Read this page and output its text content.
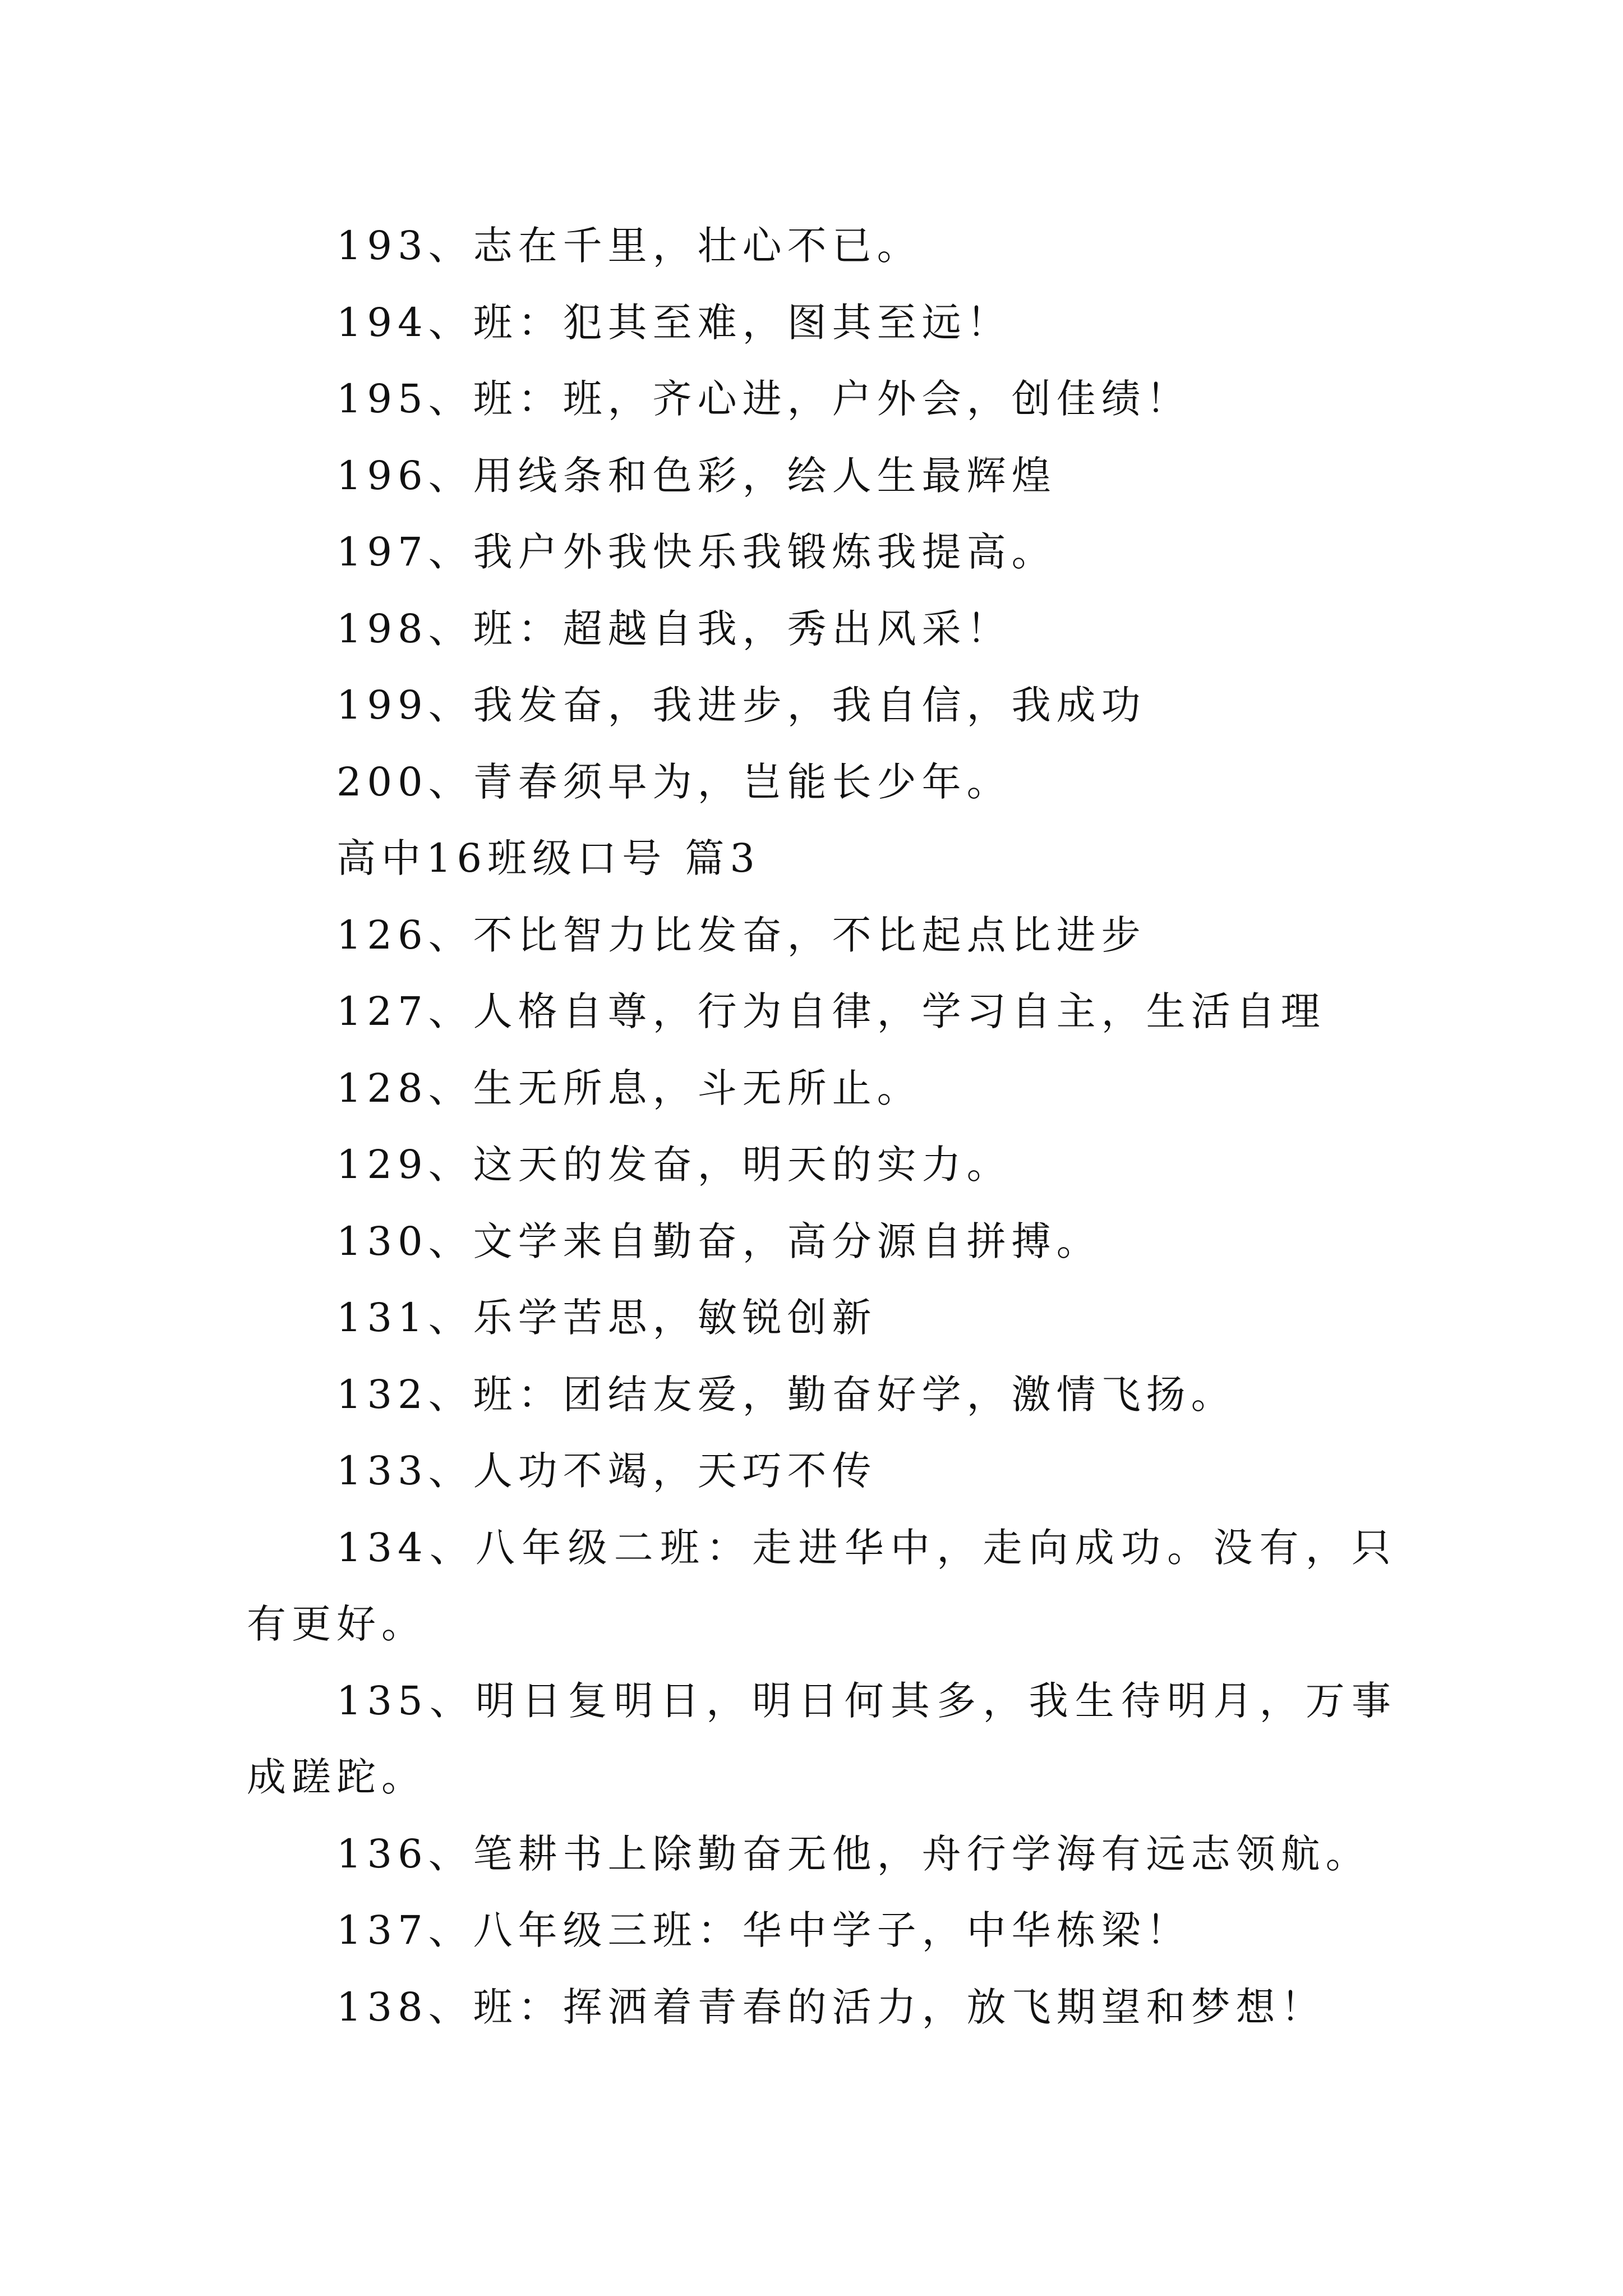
193、志在千里，壮心不已。

194、班：犯其至难，图其至远！

195、班：班，齐心进，户外会，创佳绩！

196、用线条和色彩，绘人生最辉煌

197、我户外我快乐我锻炼我提高。

198、班：超越自我，秀出风采！

199、我发奋，我进步，我自信，我成功

200、青春须早为，岂能长少年。

高中16班级口号 篇3

126、不比智力比发奋，不比起点比进步

127、人格自尊，行为自律，学习自主，生活自理

128、生无所息，斗无所止。

129、这天的发奋，明天的实力。

130、文学来自勤奋，高分源自拼搏。

131、乐学苦思，敏锐创新

132、班：团结友爱，勤奋好学，激情飞扬。

133、人功不竭，天巧不传

134、八年级二班：走进华中，走向成功。没有，只有更好。

135、明日复明日，明日何其多，我生待明月，万事成蹉跎。

136、笔耕书上除勤奋无他，舟行学海有远志领航。

137、八年级三班：华中学子，中华栋梁！

138、班：挥洒着青春的活力，放飞期望和梦想！
